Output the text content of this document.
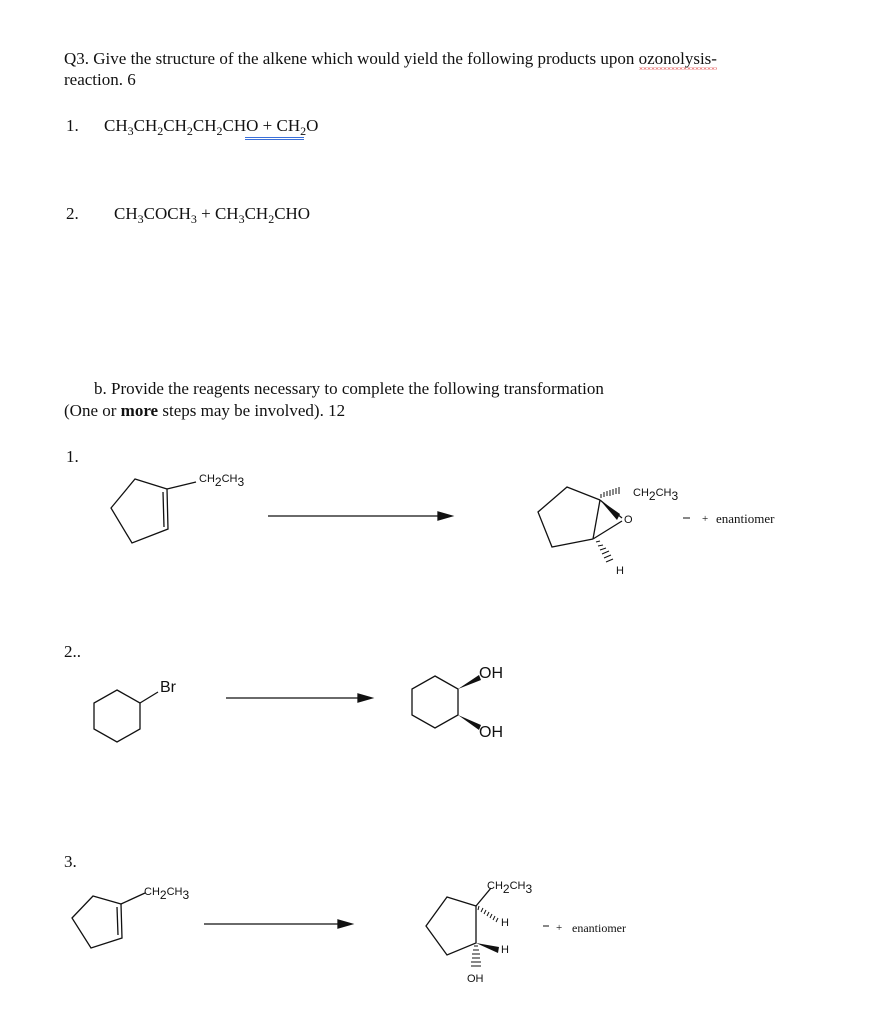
Q3. Give the structure of the alkene which would yield the following products upon ozonolysis-
reaction. 6
1. $CH_3CH_2CH_2CH_2CHO + CH_2O$
2. $CH_3COCH_3 + CH_3CH_2CHO$
b. Provide the reagents necessary to complete the following transformation
(One or more steps may be involved). 12
1.
CH2CH3
CH2CH3
O
H
+ enantiomer
2..
Br
OH
OH
3.
CH2CH3
CH2CH3
H
H
OH
+ enantiomer
